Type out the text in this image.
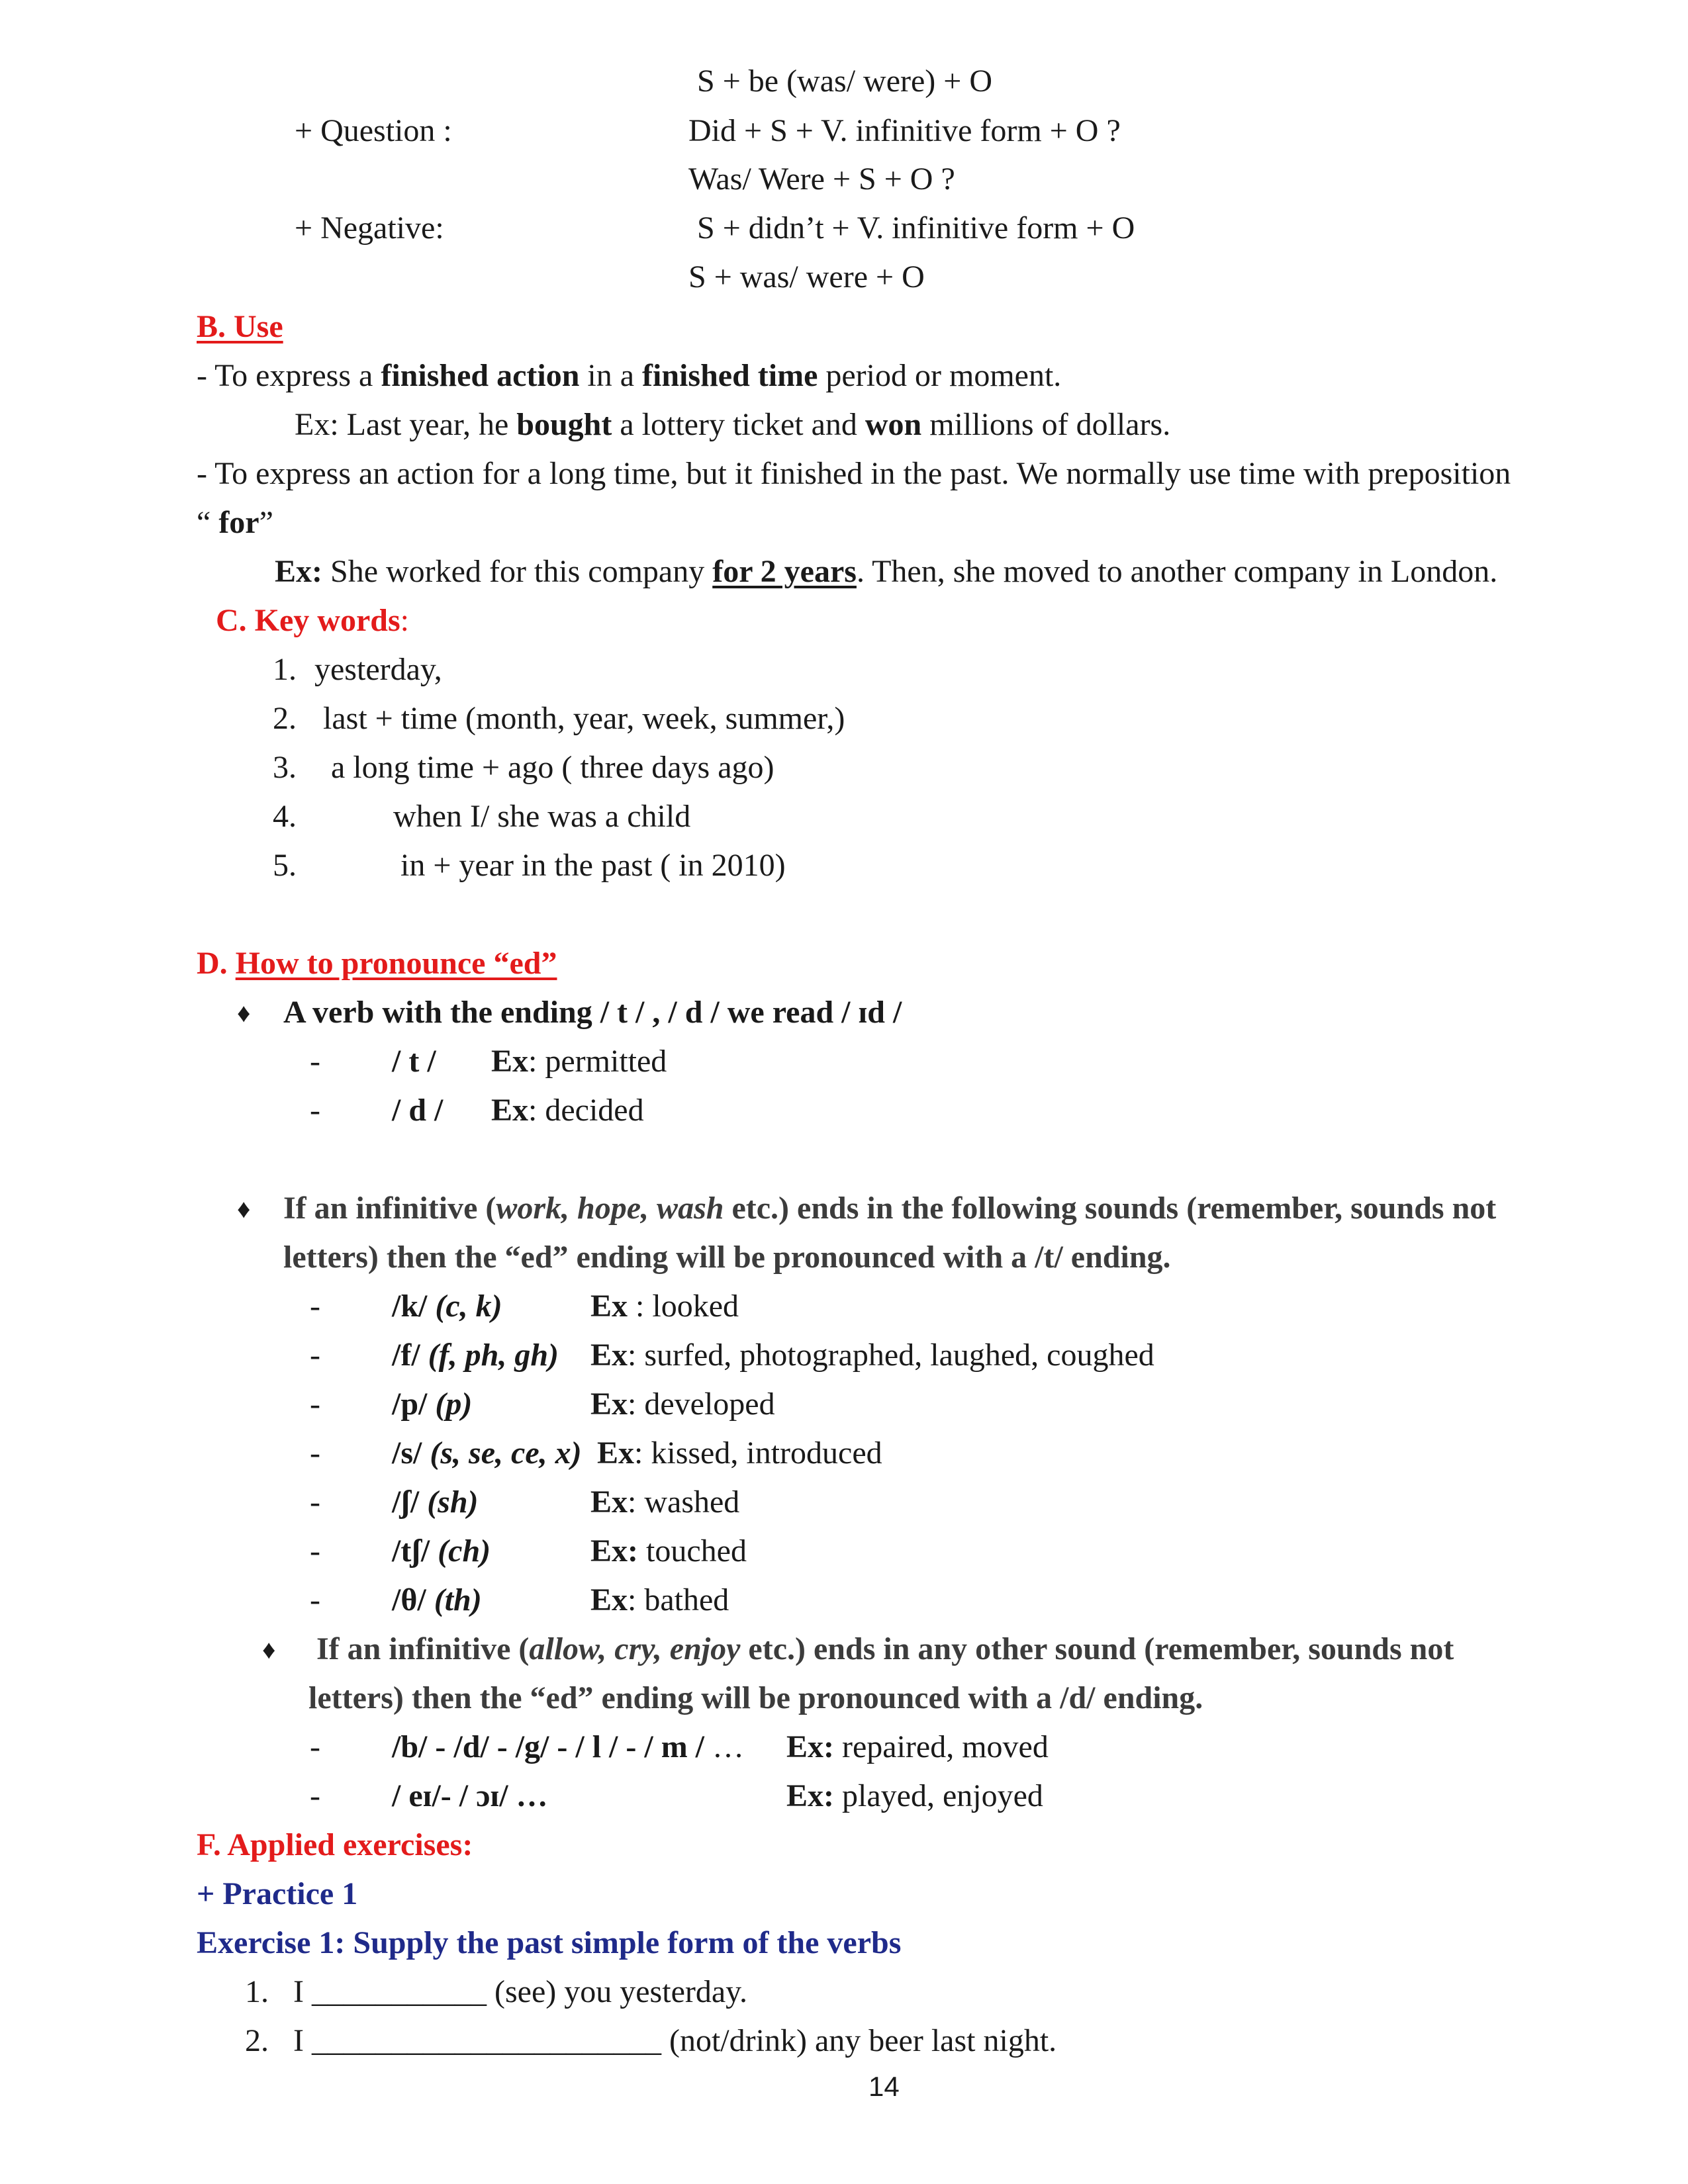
S + be (was/ were) + O
+ Question :	Did + S + V. infinitive form + O ?
Was/ Were + S + O ?
+ Negative:	S + didn’t + V. infinitive form + O
S + was/ were + O
B. Use
- To express a finished action in a finished time period or moment.
Ex: Last year, he bought a lottery ticket and won millions of dollars.
- To express an action for a long time, but it finished in the past. We normally use time with preposition
“ for”
Ex: She worked for this company for 2 years. Then, she moved to another company in London.
C. Key words:
1. yesterday,
2. last + time (month, year, week, summer,)
3. a long time + ago ( three days ago)
4.	when I/ she was a child
5.	in + year in the past ( in 2010)
D. How to pronounce “ed”
♦ A verb with the ending / t / , / d / we read / ɪd /
- / t / Ex: permitted
- / d / Ex: decided
♦ If an infinitive (work, hope, wash etc.) ends in the following sounds (remember, sounds not
letters) then the “ed” ending will be pronounced with a /t/ ending.
- /k/ (c, k)	Ex : looked
- /f/ (f, ph, gh) Ex: surfed, photographed, laughed, coughed
- /p/ (p)	Ex: developed
- /s/ (s, se, ce, x) Ex: kissed, introduced
- /ʃ/ (sh)	Ex: washed
- /tʃ/ (ch)	Ex: touched
- /θ/ (th)	Ex: bathed
♦ If an infinitive (allow, cry, enjoy etc.) ends in any other sound (remember, sounds not
letters) then the “ed” ending will be pronounced with a /d/ ending.
- /b/ - /d/ - /g/ - / l / - / m / … Ex: repaired, moved
- / eɪ/- / ɔɪ/ …	Ex: played, enjoyed
F. Applied exercises:
+ Practice 1
Exercise 1: Supply the past simple form of the verbs
1. I ___________ (see) you yesterday.
2. I ______________________ (not/drink) any beer last night.
14
